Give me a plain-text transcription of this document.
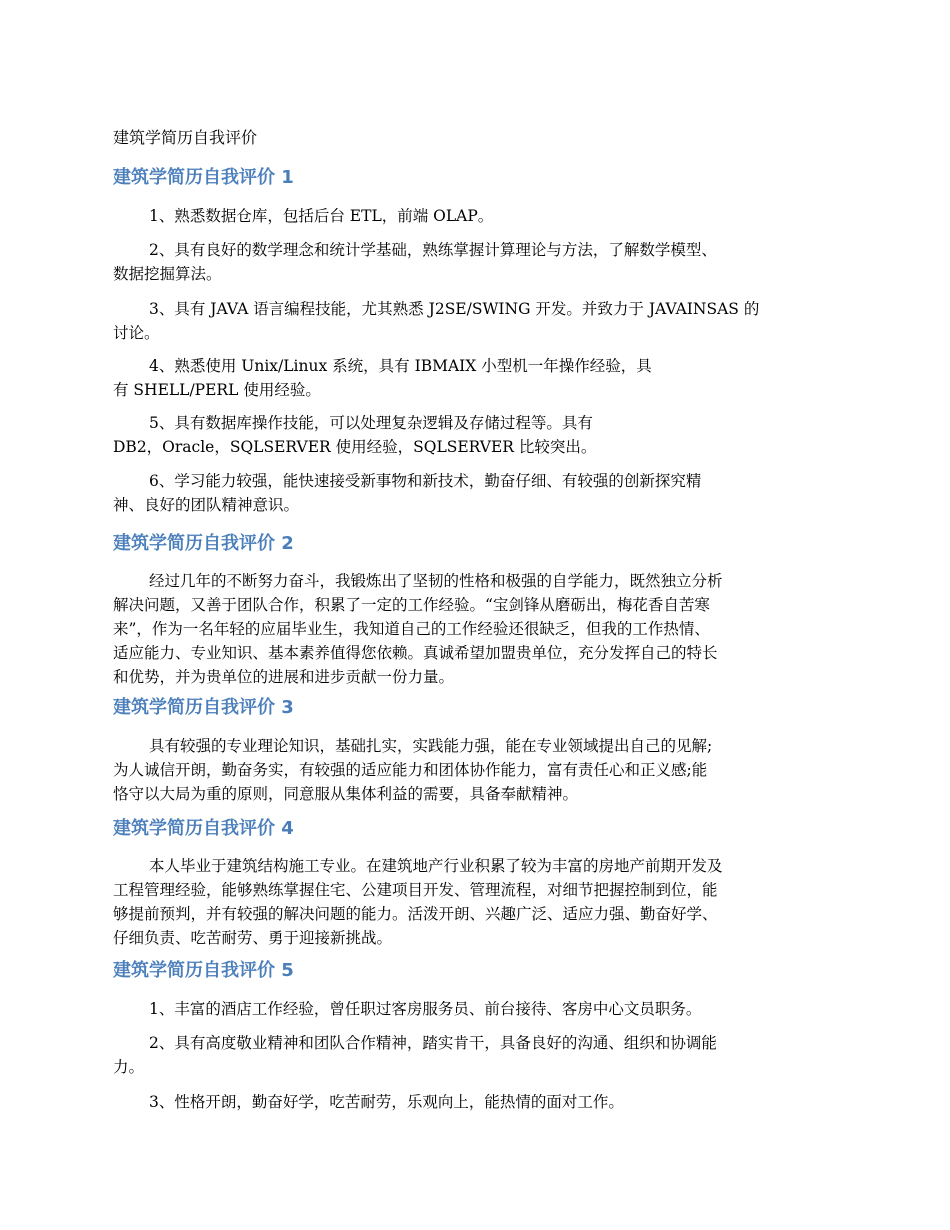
建筑学简历自我评价
建筑学简历自我评价 1
1、熟悉数据仓库，包括后台 ETL，前端 OLAP。
2、具有良好的数学理念和统计学基础，熟练掌握计算理论与方法，了解数学模型、
数据挖掘算法。
3、具有 JAVA 语言编程技能，尤其熟悉 J2SE/SWING 开发。并致力于 JAVAINSAS 的
讨论。
4、熟悉使用 Unix/Linux 系统，具有 IBMAIX 小型机一年操作经验，具
有 SHELL/PERL 使用经验。
5、具有数据库操作技能，可以处理复杂逻辑及存储过程等。具有
DB2，Oracle，SQLSERVER 使用经验，SQLSERVER 比较突出。
6、学习能力较强，能快速接受新事物和新技术，勤奋仔细、有较强的创新探究精
神、良好的团队精神意识。
建筑学简历自我评价 2
经过几年的不断努力奋斗，我锻炼出了坚韧的性格和极强的自学能力，既然独立分析
解决问题，又善于团队合作，积累了一定的工作经验。“宝剑锋从磨砺出，梅花香自苦寒
来”，作为一名年轻的应届毕业生，我知道自己的工作经验还很缺乏，但我的工作热情、
适应能力、专业知识、基本素养值得您依赖。真诚希望加盟贵单位，充分发挥自己的特长
和优势，并为贵单位的进展和进步贡献一份力量。
建筑学简历自我评价 3
具有较强的专业理论知识，基础扎实，实践能力强，能在专业领域提出自己的见解;
为人诚信开朗，勤奋务实，有较强的适应能力和团体协作能力，富有责任心和正义感;能
恪守以大局为重的原则，同意服从集体利益的需要，具备奉献精神。
建筑学简历自我评价 4
本人毕业于建筑结构施工专业。在建筑地产行业积累了较为丰富的房地产前期开发及
工程管理经验，能够熟练掌握住宅、公建项目开发、管理流程，对细节把握控制到位，能
够提前预判，并有较强的解决问题的能力。活泼开朗、兴趣广泛、适应力强、勤奋好学、
仔细负责、吃苦耐劳、勇于迎接新挑战。
建筑学简历自我评价 5
1、丰富的酒店工作经验，曾任职过客房服务员、前台接待、客房中心文员职务。
2、具有高度敬业精神和团队合作精神，踏实肯干，具备良好的沟通、组织和协调能
力。
3、性格开朗，勤奋好学，吃苦耐劳，乐观向上，能热情的面对工作。
